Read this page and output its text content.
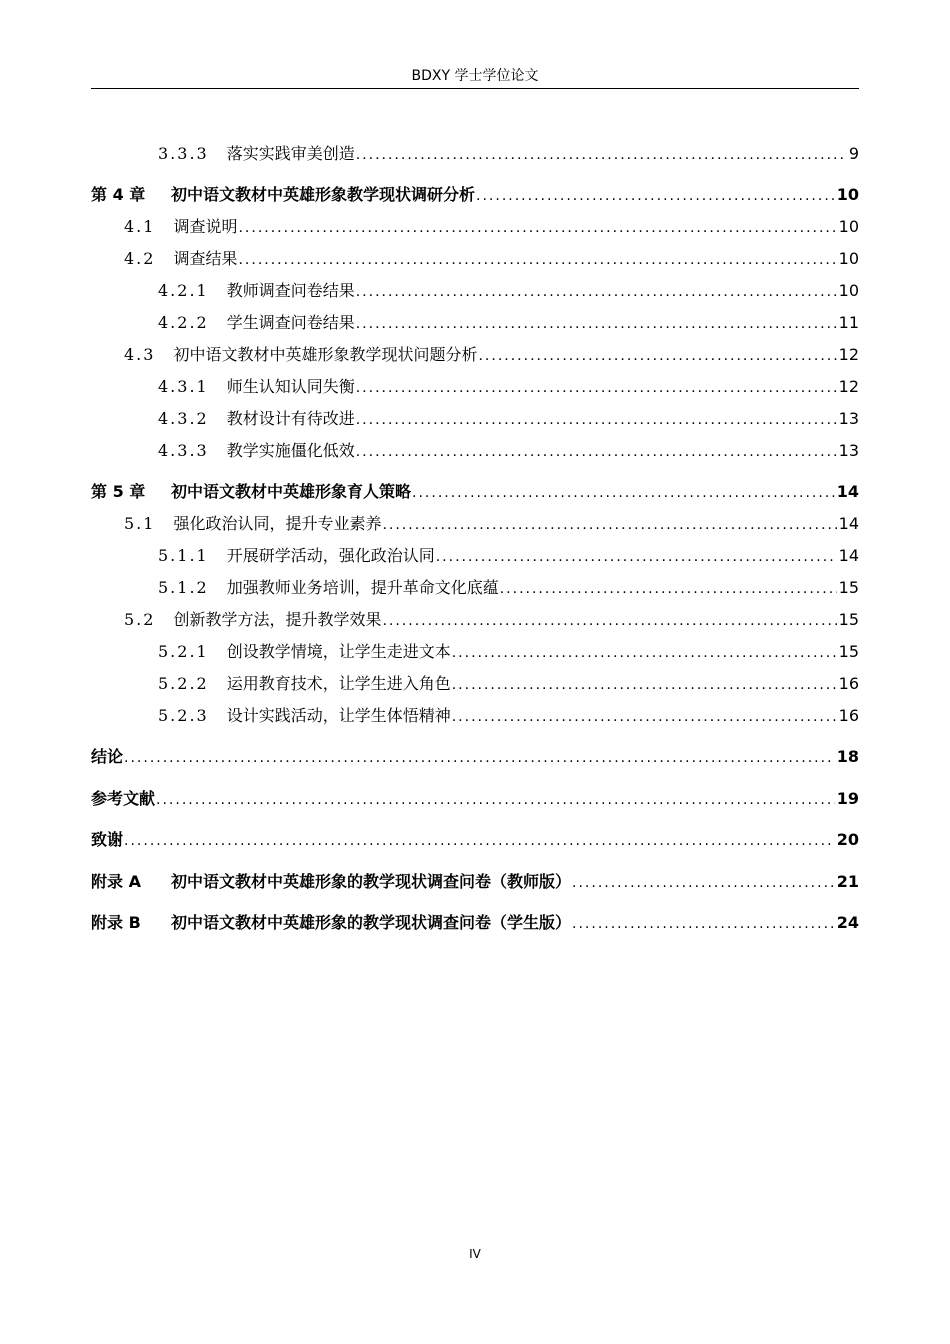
BDXY 学士学位论文
3.3.3 落实实践审美创造 .....	9
第 4 章	初中语文教材中英雄形象教学现状调研分析 .....	10
4.1 调查说明 .....	10
4.2 调查结果 .....	10
4.2.1 教师调查问卷结果 .....	10
4.2.2 学生调查问卷结果 .....	11
4.3 初中语文教材中英雄形象教学现状问题分析 .....	12
4.3.1 师生认知认同失衡 .....	12
4.3.2 教材设计有待改进 .....	13
4.3.3 教学实施僵化低效 .....	13
第 5 章	初中语文教材中英雄形象育人策略 .....	14
5.1 强化政治认同，提升专业素养 .....	14
5.1.1 开展研学活动，强化政治认同 .....	14
5.1.2 加强教师业务培训，提升革命文化底蕴 .....	15
5.2 创新教学方法，提升教学效果 .....	15
5.2.1 创设教学情境，让学生走进文本 .....	15
5.2.2 运用教育技术，让学生进入角色 .....	16
5.2.3 设计实践活动，让学生体悟精神 .....	16
结论 .....	18
参考文献 .....	19
致谢 .....	20
附录 A	初中语文教材中英雄形象的教学现状调查问卷（教师版） .....	21
附录 B	初中语文教材中英雄形象的教学现状调查问卷（学生版） .....	24
IV
